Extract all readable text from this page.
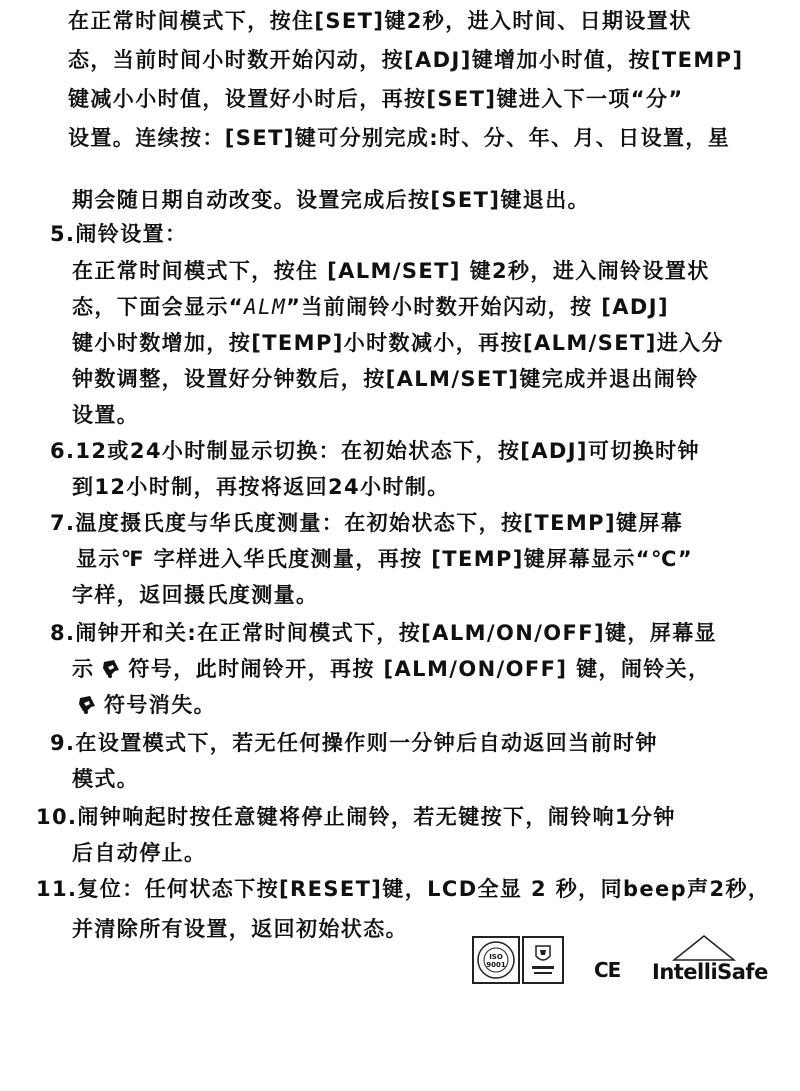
在正常时间模式下，按住[SET]键2秒，进入时间、日期设置状
态，当前时间小时数开始闪动，按[ADJ]键增加小时值，按[TEMP]
键减小小时值，设置好小时后，再按[SET]键进入下一项“分”
设置。连续按：[SET]键可分别完成:时、分、年、月、日设置，星
期会随日期自动改变。设置完成后按[SET]键退出。
5.闹铃设置：
在正常时间模式下，按住 [ALM/SET] 键2秒，进入闹铃设置状
态，下面会显示“ALM”当前闹铃小时数开始闪动，按 [ADJ]
键小时数增加，按[TEMP]小时数减小，再按[ALM/SET]进入分
钟数调整，设置好分钟数后，按[ALM/SET]键完成并退出闹铃
设置。
6.12或24小时制显示切换：在初始状态下，按[ADJ]可切换时钟
到12小时制，再按将返回24小时制。
7.温度摄氏度与华氏度测量：在初始状态下，按[TEMP]键屏幕
显示℉ 字样进入华氏度测量，再按 [TEMP]键屏幕显示“℃”
字样，返回摄氏度测量。
8.闹钟开和关:在正常时间模式下，按[ALM/ON/OFF]键，屏幕显
示 符号，此时闹铃开，再按 [ALM/ON/OFF] 键，闹铃关，
符号消失。
9.在设置模式下，若无任何操作则一分钟后自动返回当前时钟
模式。
10.闹钟响起时按任意键将停止闹铃，若无键按下，闹铃响1分钟
后自动停止。
11.复位：任何状态下按[RESET]键，LCD全显 2 秒，同beep声2秒，
并清除所有设置，返回初始状态。
ISO 9001	CE IntelliSafe
